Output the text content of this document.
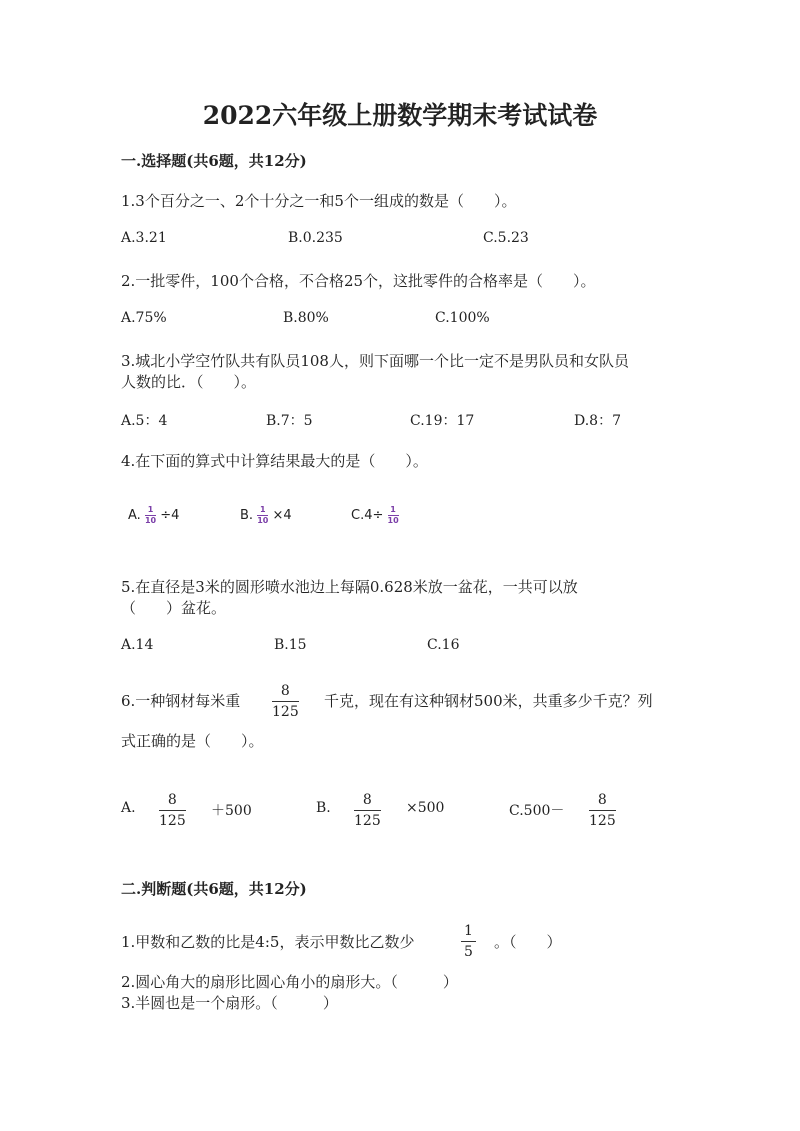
2022六年级上册数学期末考试试卷
一.选择题(共6题，共12分)
1.3个百分之一、2个十分之一和5个一组成的数是（　　）。
A.3.21	B.0.235	C.5.23
2.一批零件，100个合格，不合格25个，这批零件的合格率是（　　）。
A.75%	B.80%	C.100%
3.城北小学空竹队共有队员108人，则下面哪一个比一定不是男队员和女队员
人数的比．（　　）。
A.5：4	B.7：5	C.19：17	D.8：7
4.在下面的算式中计算结果最大的是（　　）。
A. $\frac{1}{10} \div 4$	B. $\frac{1}{10} \times 4$	$C.4\div \frac{1}{10}$
5.在直径是3米的圆形喷水池边上每隔0.628米放一盆花，一共可以放
（　　）盆花。
A.14	B.15	C.16
6.一种钢材每米重
8
125
千克，现在有这种钢材500米，共重多少千克？列
式正确的是（　　）。
A. 8
125
＋500	B. 8
125
×500	C.500－
8
125
二.判断题(共6题，共12分)
1.甲数和乙数的比是4:5，表示甲数比乙数少
1
5
。（　　）
2.圆心角大的扇形比圆心角小的扇形大。（　　　）
3.半圆也是一个扇形。（　　　）
